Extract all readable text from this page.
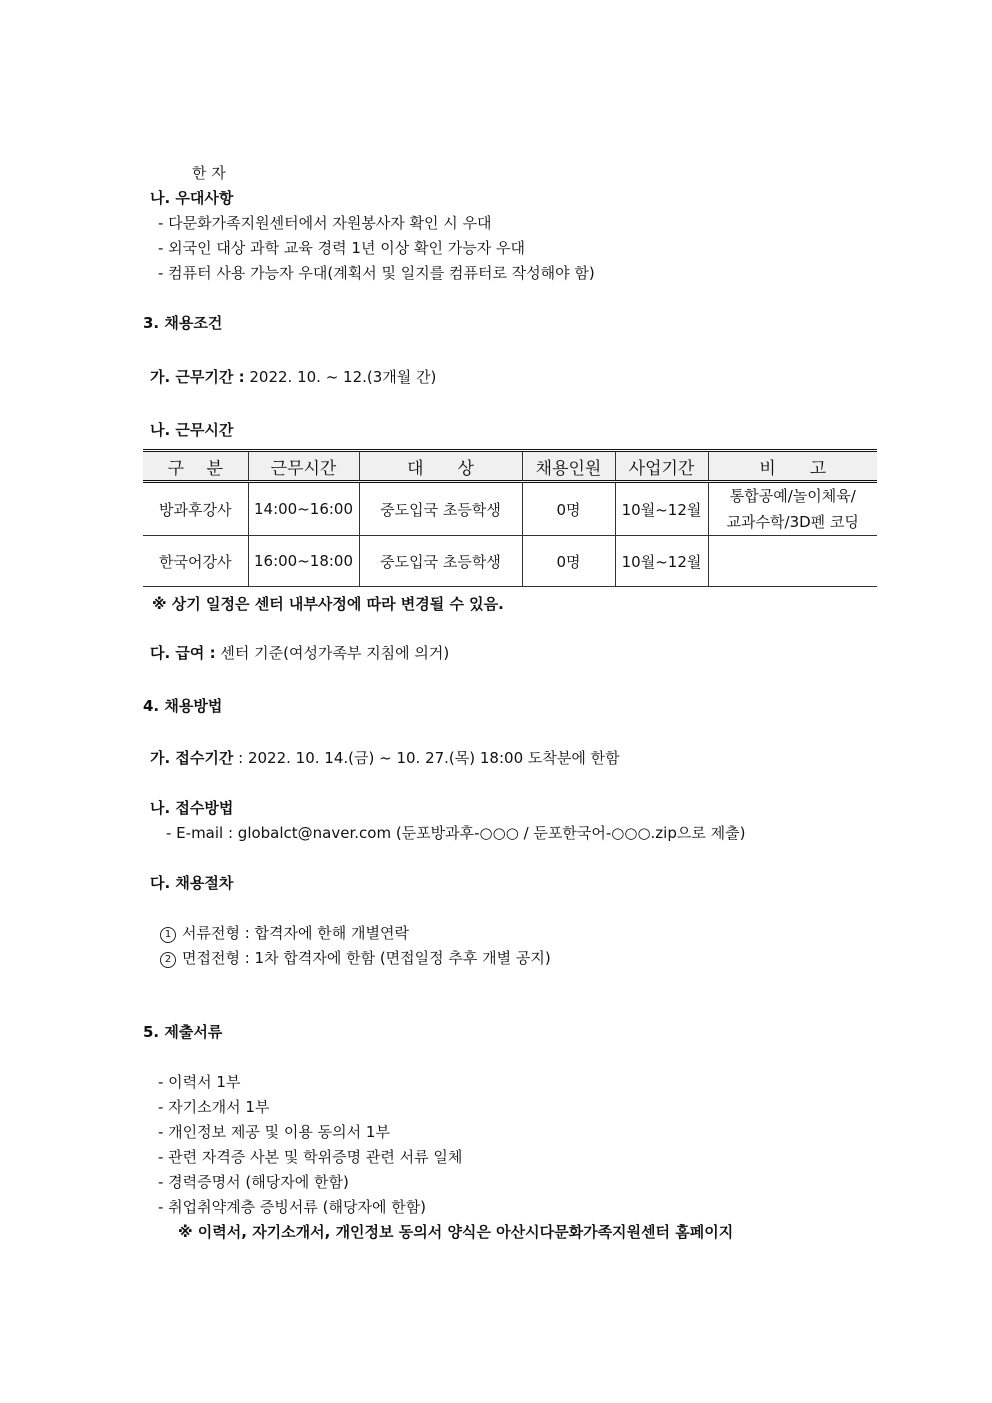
한 자
나. 우대사항
- 다문화가족지원센터에서 자원봉사자 확인 시 우대
- 외국인 대상 과학 교육 경력 1년 이상 확인 가능자 우대
- 컴퓨터 사용 가능자 우대(계획서 및 일지를 컴퓨터로 작성해야 함)
3. 채용조건
가. 근무기간 : 2022. 10. ~ 12.(3개월 간)
나. 근무시간
구　 분	근무시간	대　　상	채용인원	사업기간	비　　고
방과후강사	14:00~16:00	중도입국 초등학생	0명	10월~12월	통합공예/놀이체육/
교과수학/3D펜 코딩
한국어강사	16:00~18:00	중도입국 초등학생	0명	10월~12월	
※ 상기 일정은 센터 내부사정에 따라 변경될 수 있음.
다. 급여 : 센터 기준(여성가족부 지침에 의거)
4. 채용방법
가. 접수기간 : 2022. 10. 14.(금) ~ 10. 27.(목) 18:00 도착분에 한함
나. 접수방법
- E-mail : globalct@naver.com (둔포방과후-○○○ / 둔포한국어-○○○.zip으로 제출)
다. 채용절차
1 서류전형 : 합격자에 한해 개별연락
2 면접전형 : 1차 합격자에 한함 (면접일정 추후 개별 공지)
5. 제출서류
- 이력서 1부
- 자기소개서 1부
- 개인정보 제공 및 이용 동의서 1부
- 관련 자격증 사본 및 학위증명 관련 서류 일체
- 경력증명서 (해당자에 한함)
- 취업취약계층 증빙서류 (해당자에 한함)
※ 이력서, 자기소개서, 개인정보 동의서 양식은 아산시다문화가족지원센터 홈페이지
